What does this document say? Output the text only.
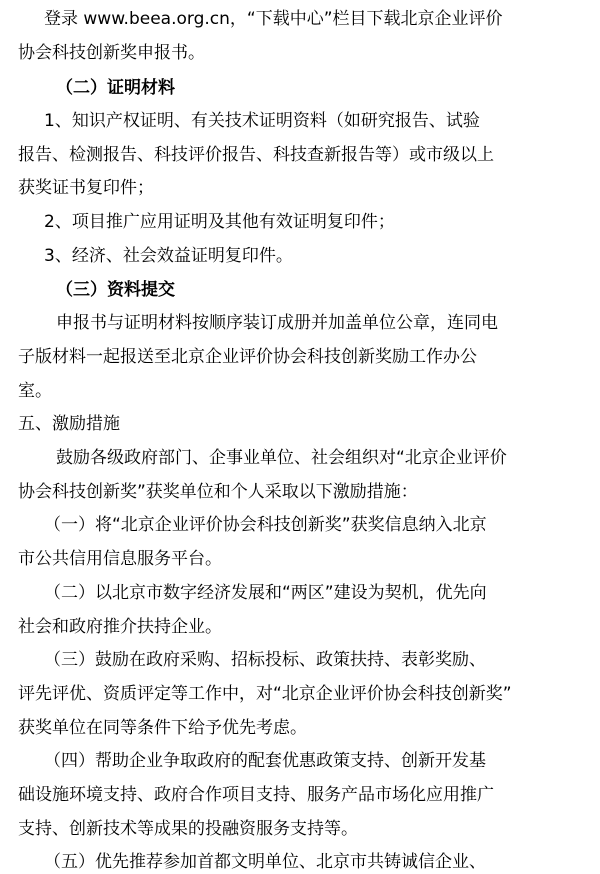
登录 www.beea.org.cn，“下载中心”栏目下载北京企业评价
协会科技创新奖申报书。
（二）证明材料
1、知识产权证明、有关技术证明资料（如研究报告、试验
报告、检测报告、科技评价报告、科技查新报告等）或市级以上
获奖证书复印件；
2、项目推广应用证明及其他有效证明复印件；
3、经济、社会效益证明复印件。
（三）资料提交
申报书与证明材料按顺序装订成册并加盖单位公章，连同电
子版材料一起报送至北京企业评价协会科技创新奖励工作办公
室。
五、激励措施
鼓励各级政府部门、企事业单位、社会组织对“北京企业评价
协会科技创新奖”获奖单位和个人采取以下激励措施：
（一）将“北京企业评价协会科技创新奖”获奖信息纳入北京
市公共信用信息服务平台。
（二）以北京市数字经济发展和“两区”建设为契机，优先向
社会和政府推介扶持企业。
（三）鼓励在政府采购、招标投标、政策扶持、表彰奖励、
评先评优、资质评定等工作中，对“北京企业评价协会科技创新奖”
获奖单位在同等条件下给予优先考虑。
（四）帮助企业争取政府的配套优惠政策支持、创新开发基
础设施环境支持、政府合作项目支持、服务产品市场化应用推广
支持、创新技术等成果的投融资服务支持等。
（五）优先推荐参加首都文明单位、北京市共铸诚信企业、
